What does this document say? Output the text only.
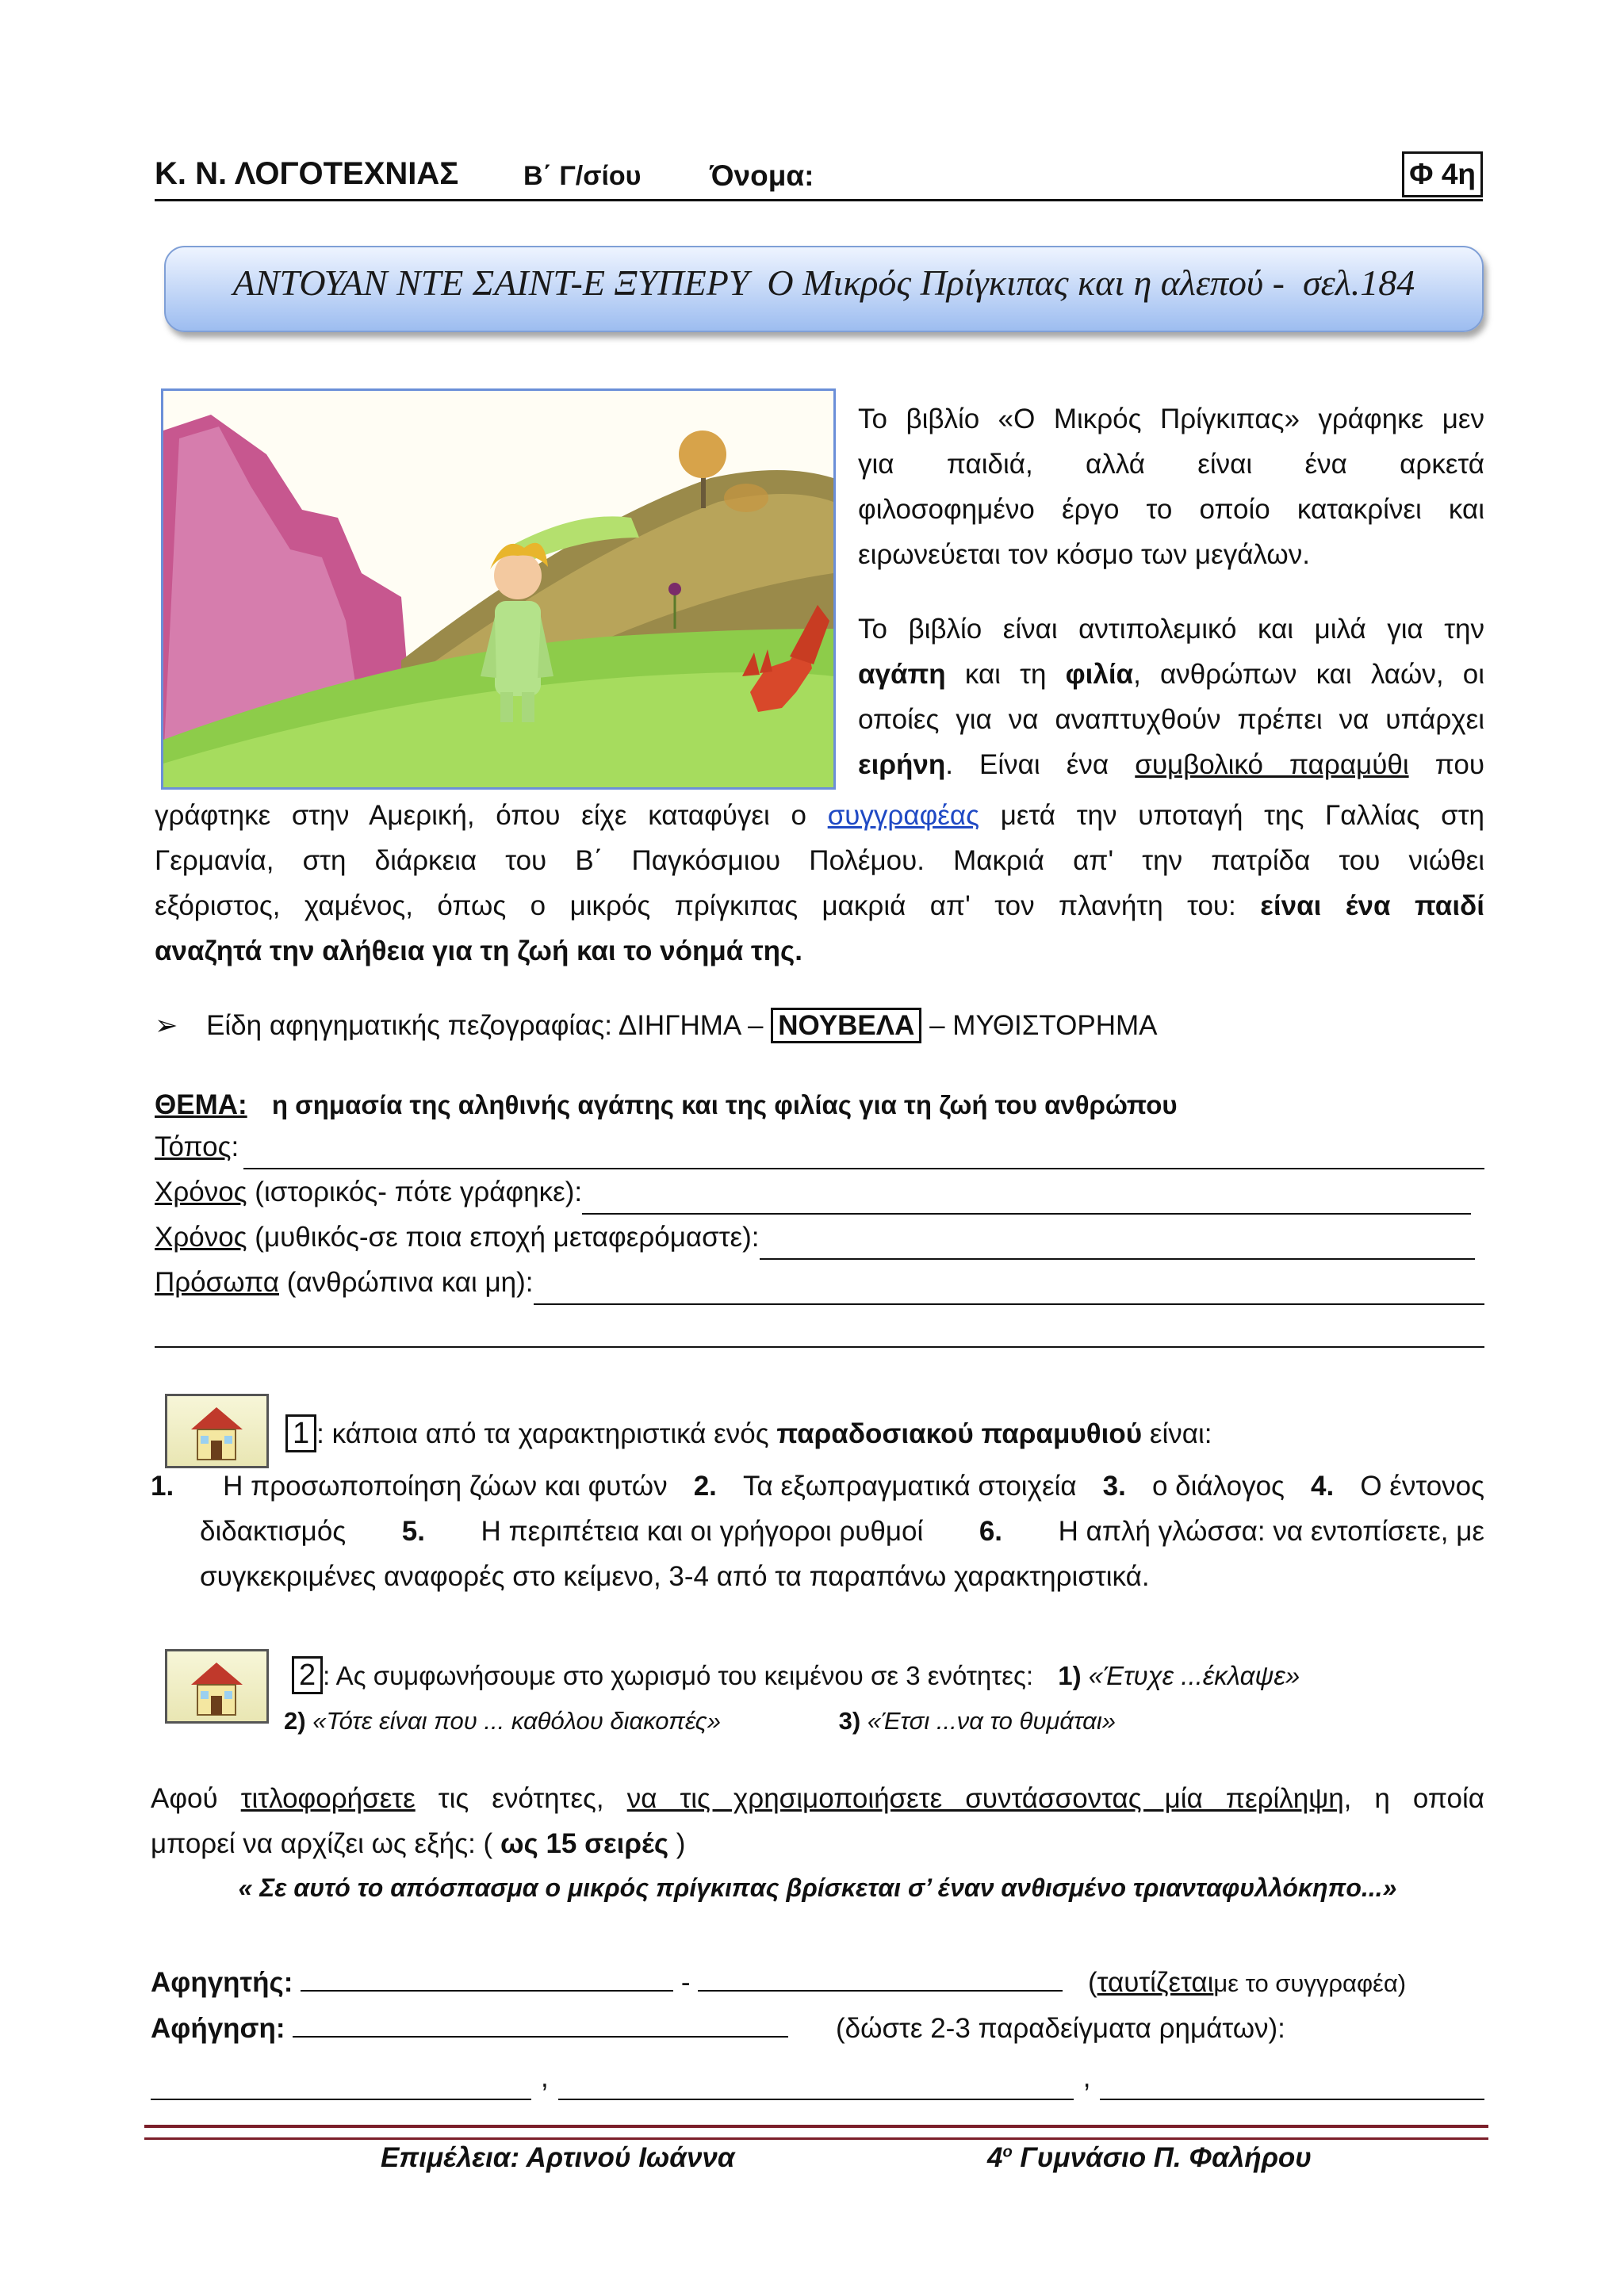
Κ. Ν. ΛΟΓΟΤΕΧΝΙΑΣ Β΄ Γ/σίου Όνομα:	Φ 4η
ΑΝΤΟΥΑΝ ΝΤΕ ΣΑΙΝΤ-Ε ΞΥΠΕΡΥ Ο Μικρός Πρίγκιπας και η αλεπού - σελ.184
Το βιβλίο «Ο Μικρός Πρίγκιπας» γράφηκε μεν
για παιδιά, αλλά είναι ένα αρκετά
φιλοσοφημένο έργο το οποίο κατακρίνει και
ειρωνεύεται τον κόσμο των μεγάλων.
Το βιβλίο είναι αντιπολεμικό και μιλά για την
αγάπη και τη φιλία, ανθρώπων και λαών, οι
οποίες για να αναπτυχθούν πρέπει να υπάρχει
ειρήνη. Είναι ένα συμβολικό παραμύθι που
γράφτηκε στην Αμερική, όπου είχε καταφύγει ο συγγραφέας μετά την υποταγή της Γαλλίας στη
Γερμανία, στη διάρκεια του Β΄ Παγκόσμιου Πολέμου. Μακριά απ' την πατρίδα του νιώθει
εξόριστος, χαμένος, όπως ο μικρός πρίγκιπας μακριά απ' τον πλανήτη του: είναι ένα παιδί
αναζητά την αλήθεια για τη ζωή και το νόημά της.
➢ Είδη αφηγηματικής πεζογραφίας: ΔΙΗΓΗΜΑ – ΝΟΥΒΕΛΑ – ΜΥΘΙΣΤΟΡΗΜΑ
ΘΕΜΑ: η σημασία της αληθινής αγάπης και της φιλίας για τη ζωή του ανθρώπου
Τόπος :
Χρόνος
(ιστορικός- πότε γράφηκε):
Χρόνος
(μυθικός-σε ποια εποχή μεταφερόμαστε):
Πρόσωπα
(ανθρώπινα και μη):
1 : κάποια από τα χαρακτηριστικά ενός παραδοσιακού παραμυθιού είναι:
1.	Η προσωποποίηση ζώων και φυτών 2. Τα εξωπραγματικά στοιχεία 3. ο διάλογος 4. Ο έντονος
διδακτισμός 5. Η περιπέτεια και οι γρήγοροι ρυθμοί 6. Η απλή γλώσσα: να εντοπίσετε, με
συγκεκριμένες αναφορές στο κείμενο, 3-4 από τα παραπάνω χαρακτηριστικά.
2 : Ας συμφωνήσουμε στο χωρισμό του κειμένου σε 3 ενότητες: 1) «Έτυχε ...έκλαψε»
2) «Τότε είναι που ... καθόλου διακοπές»	3) «Έτσι ...να το θυμάται»
Αφού τιτλοφορήσετε τις ενότητες, να τις χρησιμοποιήσετε συντάσσοντας μία περίληψη, η οποία
μπορεί να αρχίζει ως εξής: ( ως 15 σειρές )
« Σε αυτό το απόσπασμα ο μικρός πρίγκιπας βρίσκεται σ’ έναν ανθισμένο τριανταφυλλόκηπο...»
Αφηγητής:	-	(ταυτίζεταιμε το συγγραφέα)
Αφήγηση:	(δώστε 2-3 παραδείγματα ρημάτων):
,	,
Επιμέλεια: Αρτινού Ιωάννα	$4^o$ Γυμνάσιο Π. Φαλήρου
